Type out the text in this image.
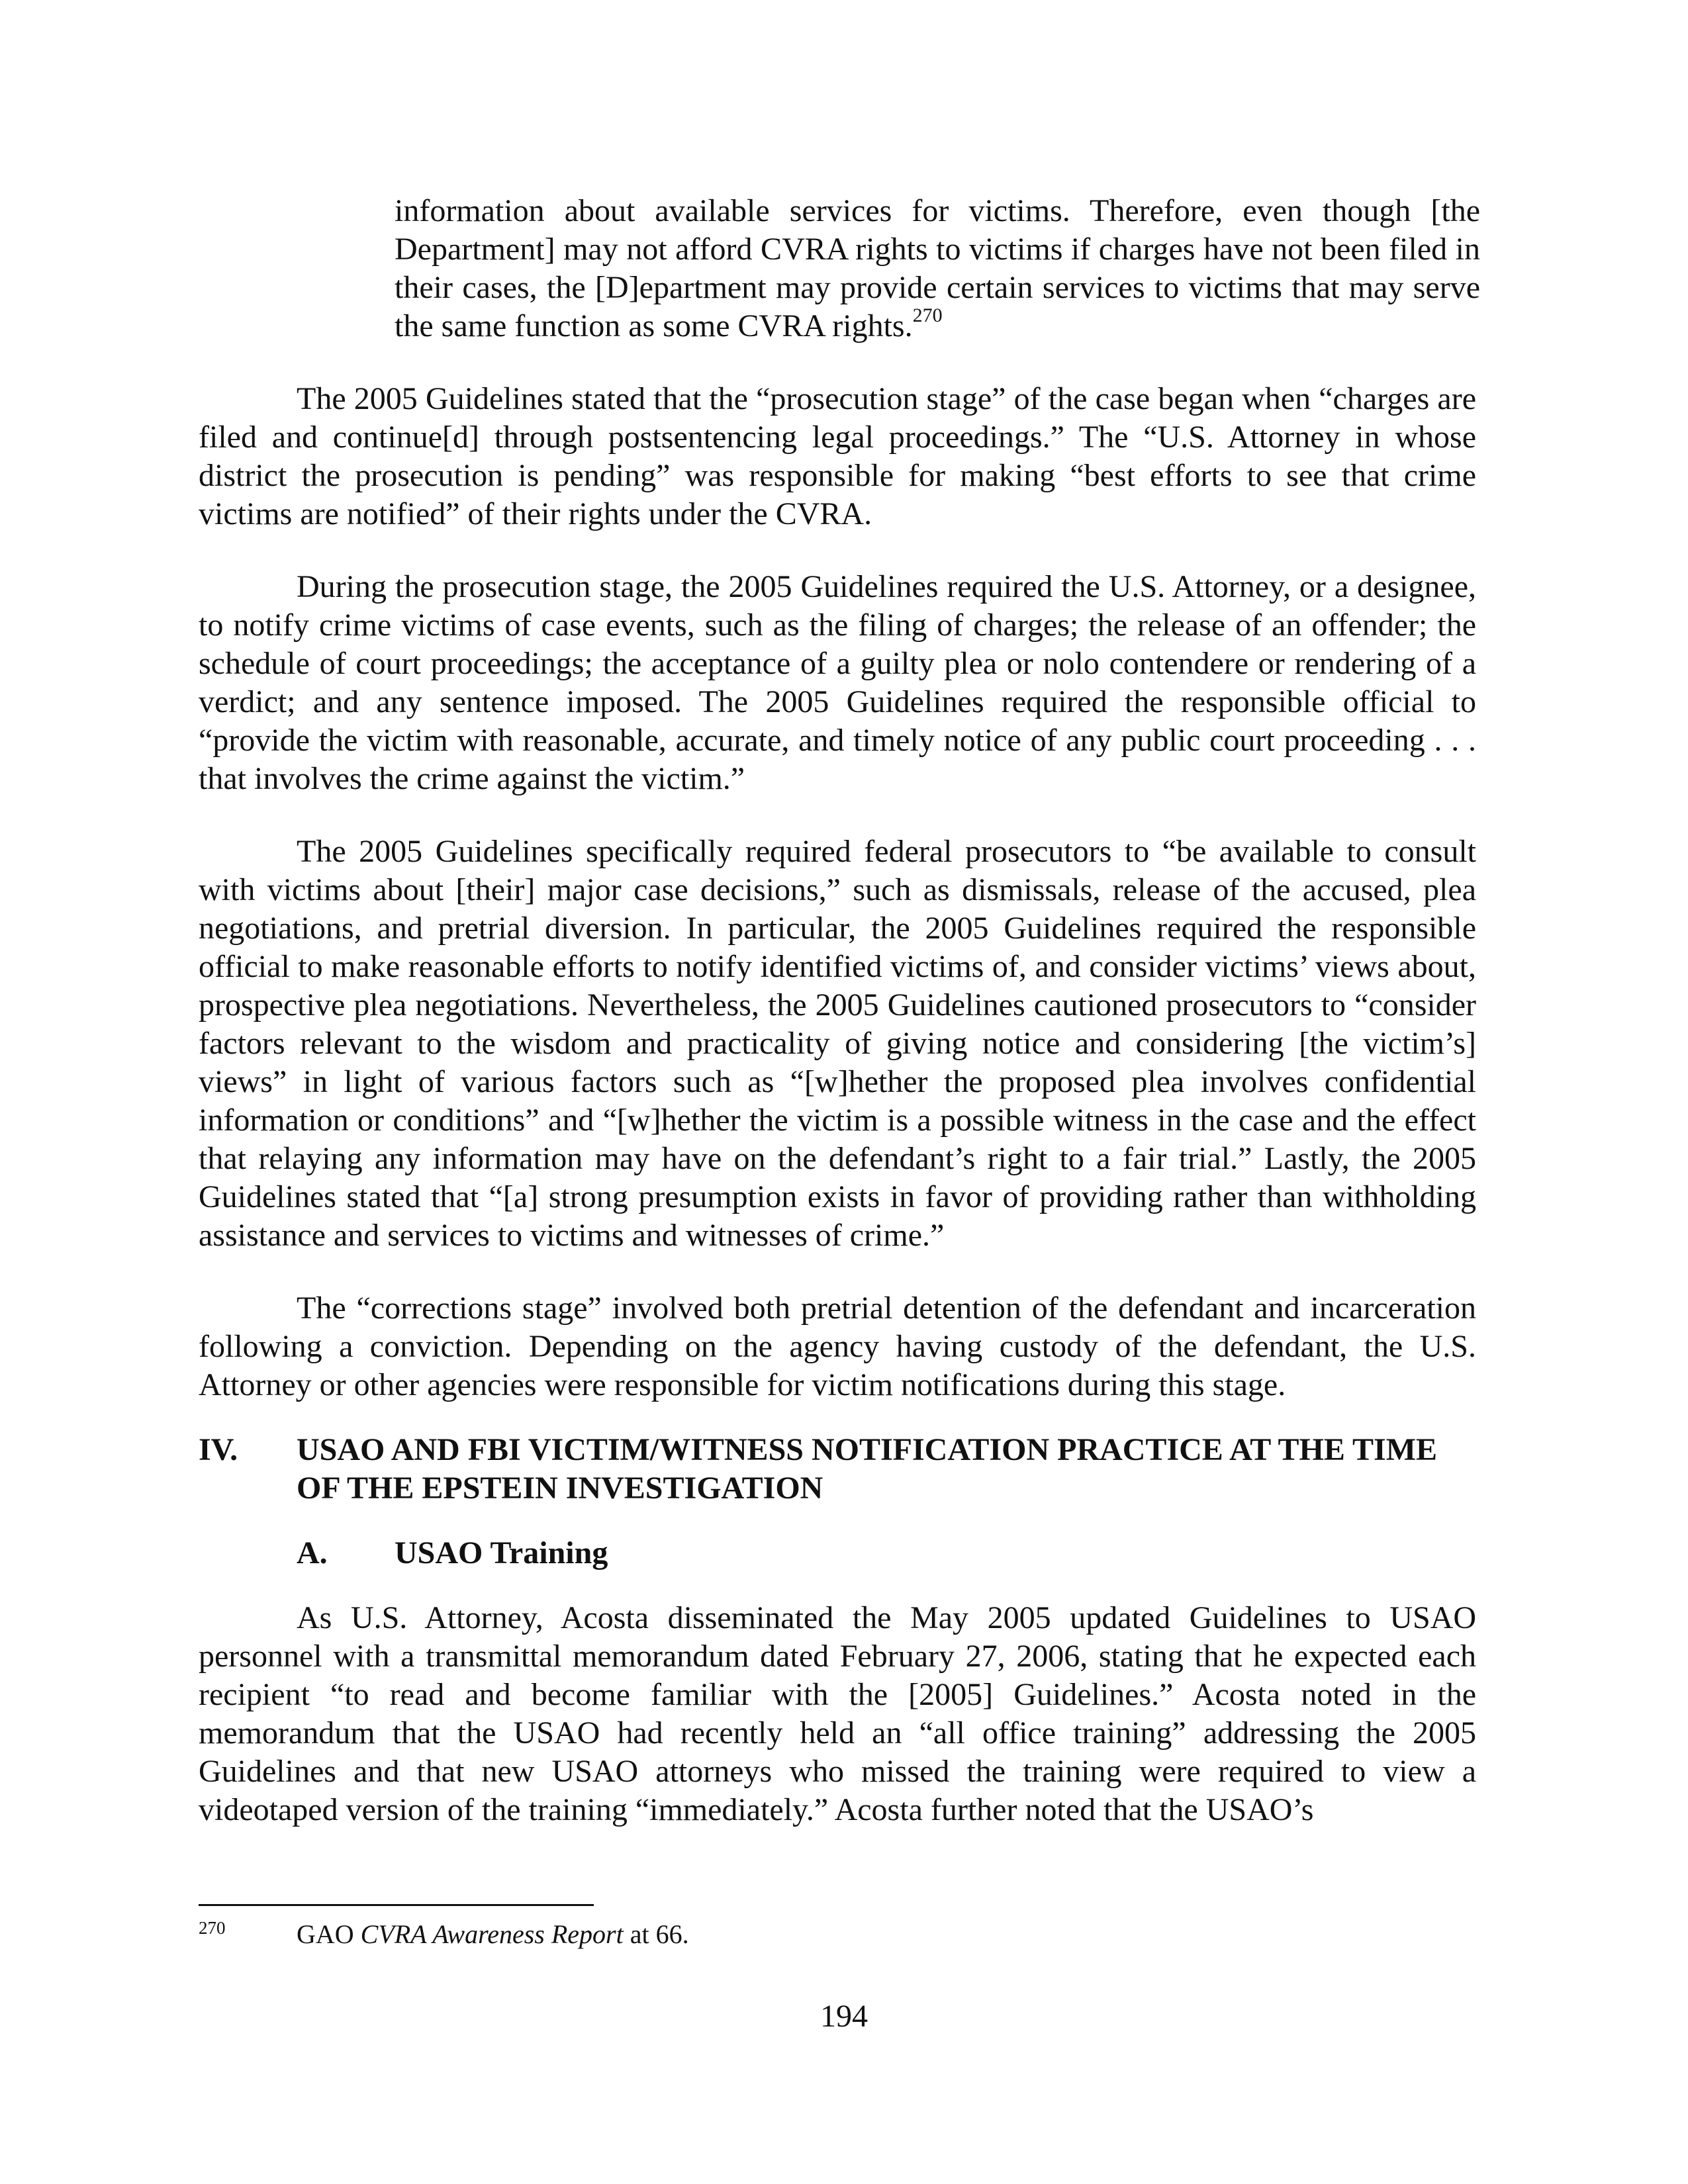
information about available services for victims. Therefore, even though [the Department] may not afford CVRA rights to victims if charges have not been filed in their cases, the [D]epartment may provide certain services to victims that may serve the same function as some CVRA rights.$^{270}$

The 2005 Guidelines stated that the “prosecution stage” of the case began when “charges are filed and continue[d] through postsentencing legal proceedings.” The “U.S. Attorney in whose district the prosecution is pending” was responsible for making “best efforts to see that crime victims are notified” of their rights under the CVRA.

During the prosecution stage, the 2005 Guidelines required the U.S. Attorney, or a designee, to notify crime victims of case events, such as the filing of charges; the release of an offender; the schedule of court proceedings; the acceptance of a guilty plea or nolo contendere or rendering of a verdict; and any sentence imposed. The 2005 Guidelines required the responsible official to “provide the victim with reasonable, accurate, and timely notice of any public court proceeding . . . that involves the crime against the victim.”

The 2005 Guidelines specifically required federal prosecutors to “be available to consult with victims about [their] major case decisions,” such as dismissals, release of the accused, plea negotiations, and pretrial diversion. In particular, the 2005 Guidelines required the responsible official to make reasonable efforts to notify identified victims of, and consider victims’ views about, prospective plea negotiations. Nevertheless, the 2005 Guidelines cautioned prosecutors to “consider factors relevant to the wisdom and practicality of giving notice and considering [the victim’s] views” in light of various factors such as “[w]hether the proposed plea involves confidential information or conditions” and “[w]hether the victim is a possible witness in the case and the effect that relaying any information may have on the defendant’s right to a fair trial.” Lastly, the 2005 Guidelines stated that “[a] strong presumption exists in favor of providing rather than withholding assistance and services to victims and witnesses of crime.”

The “corrections stage” involved both pretrial detention of the defendant and incarceration following a conviction. Depending on the agency having custody of the defendant, the U.S. Attorney or other agencies were responsible for victim notifications during this stage.

IV.	USAO AND FBI VICTIM/WITNESS NOTIFICATION PRACTICE AT THE TIME OF THE EPSTEIN INVESTIGATION
A.	USAO Training

As U.S. Attorney, Acosta disseminated the May 2005 updated Guidelines to USAO personnel with a transmittal memorandum dated February 27, 2006, stating that he expected each recipient “to read and become familiar with the [2005] Guidelines.” Acosta noted in the memorandum that the USAO had recently held an “all office training” addressing the 2005 Guidelines and that new USAO attorneys who missed the training were required to view a videotaped version of the training “immediately.” Acosta further noted that the USAO’s

270	GAO CVRA Awareness Report at 66.
194
